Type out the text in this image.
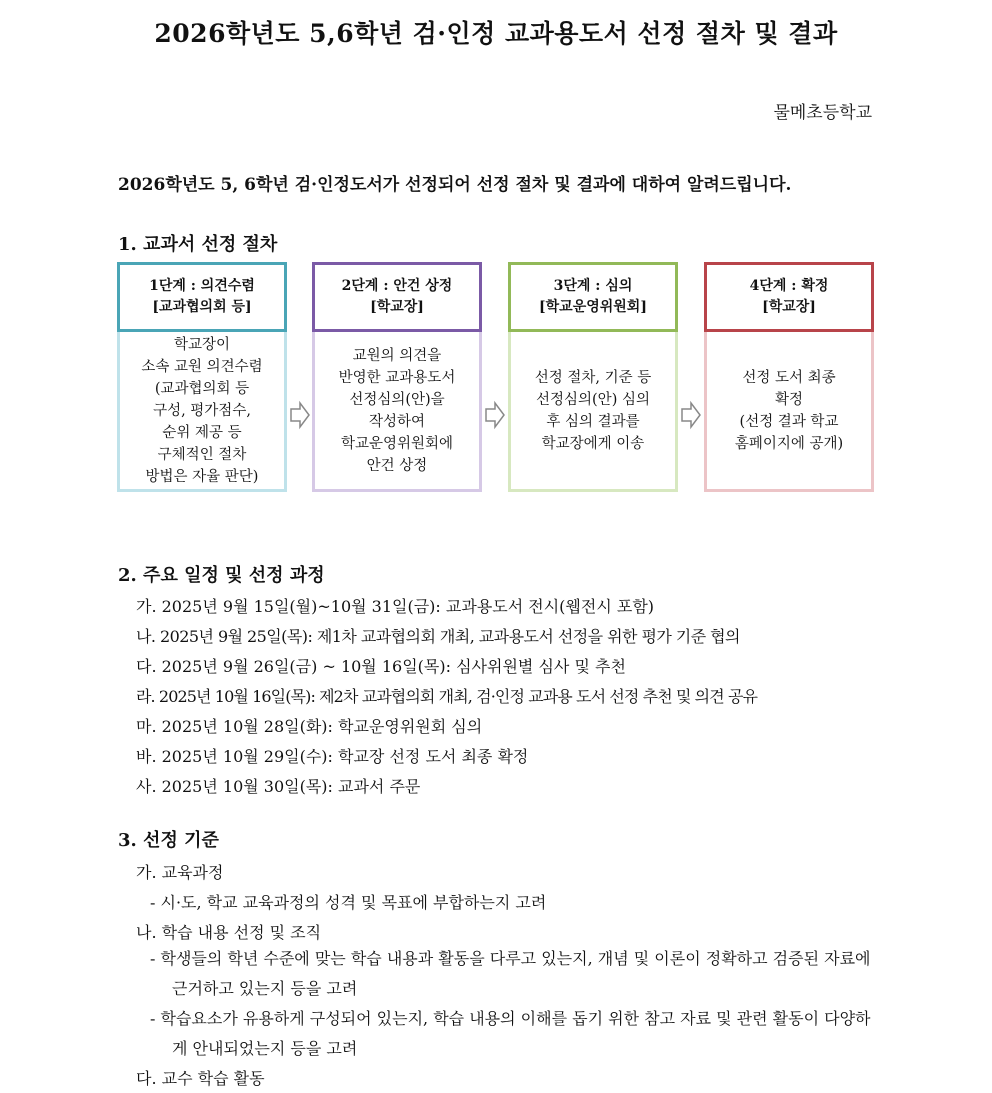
2026학년도 5,6학년 검·인정 교과용도서 선정 절차 및 결과
물메초등학교
2026학년도 5, 6학년 검·인정도서가 선정되어 선정 절차 및 결과에 대하여 알려드립니다.
1. 교과서 선정 절차
1단계 : 의견수렴
[교과협의회 등]
학교장이
소속 교원 의견수렴
(교과협의회 등
구성, 평가점수,
순위 제공 등
구체적인 절차
방법은 자율 판단)
2단계 : 안건 상정
[학교장]
교원의 의견을
반영한 교과용도서
선정심의(안)을
작성하여
학교운영위원회에
안건 상정
3단계 : 심의
[학교운영위원회]
선정 절차, 기준 등
선정심의(안) 심의
후 심의 결과를
학교장에게 이송
4단계 : 확정
[학교장]
선정 도서 최종
확정
(선정 결과 학교
홈페이지에 공개)
2. 주요 일정 및 선정 과정
가. 2025년 9월 15일(월)~10월 31일(금): 교과용도서 전시(웹전시 포함)
나. 2025년 9월 25일(목): 제1차 교과협의회 개최, 교과용도서 선정을 위한 평가 기준 협의
다. 2025년 9월 26일(금) ~ 10월 16일(목): 심사위원별 심사 및 추천
라. 2025년 10월 16일(목): 제2차 교과협의회 개최, 검·인정 교과용 도서 선정 추천 및 의견 공유
마. 2025년 10월 28일(화): 학교운영위원회 심의
바. 2025년 10월 29일(수): 학교장 선정 도서 최종 확정
사. 2025년 10월 30일(목): 교과서 주문
3. 선정 기준
가. 교육과정
- 시·도, 학교 교육과정의 성격 및 목표에 부합하는지 고려
나. 학습 내용 선정 및 조직
- 학생들의 학년 수준에 맞는 학습 내용과 활동을 다루고 있는지, 개념 및 이론이 정확하고 검증된 자료에 근거하고 있는지 등을 고려
- 학습요소가 유용하게 구성되어 있는지, 학습 내용의 이해를 돕기 위한 참고 자료 및 관련 활동이 다양하게 안내되었는지 등을 고려
다. 교수 학습 활동
